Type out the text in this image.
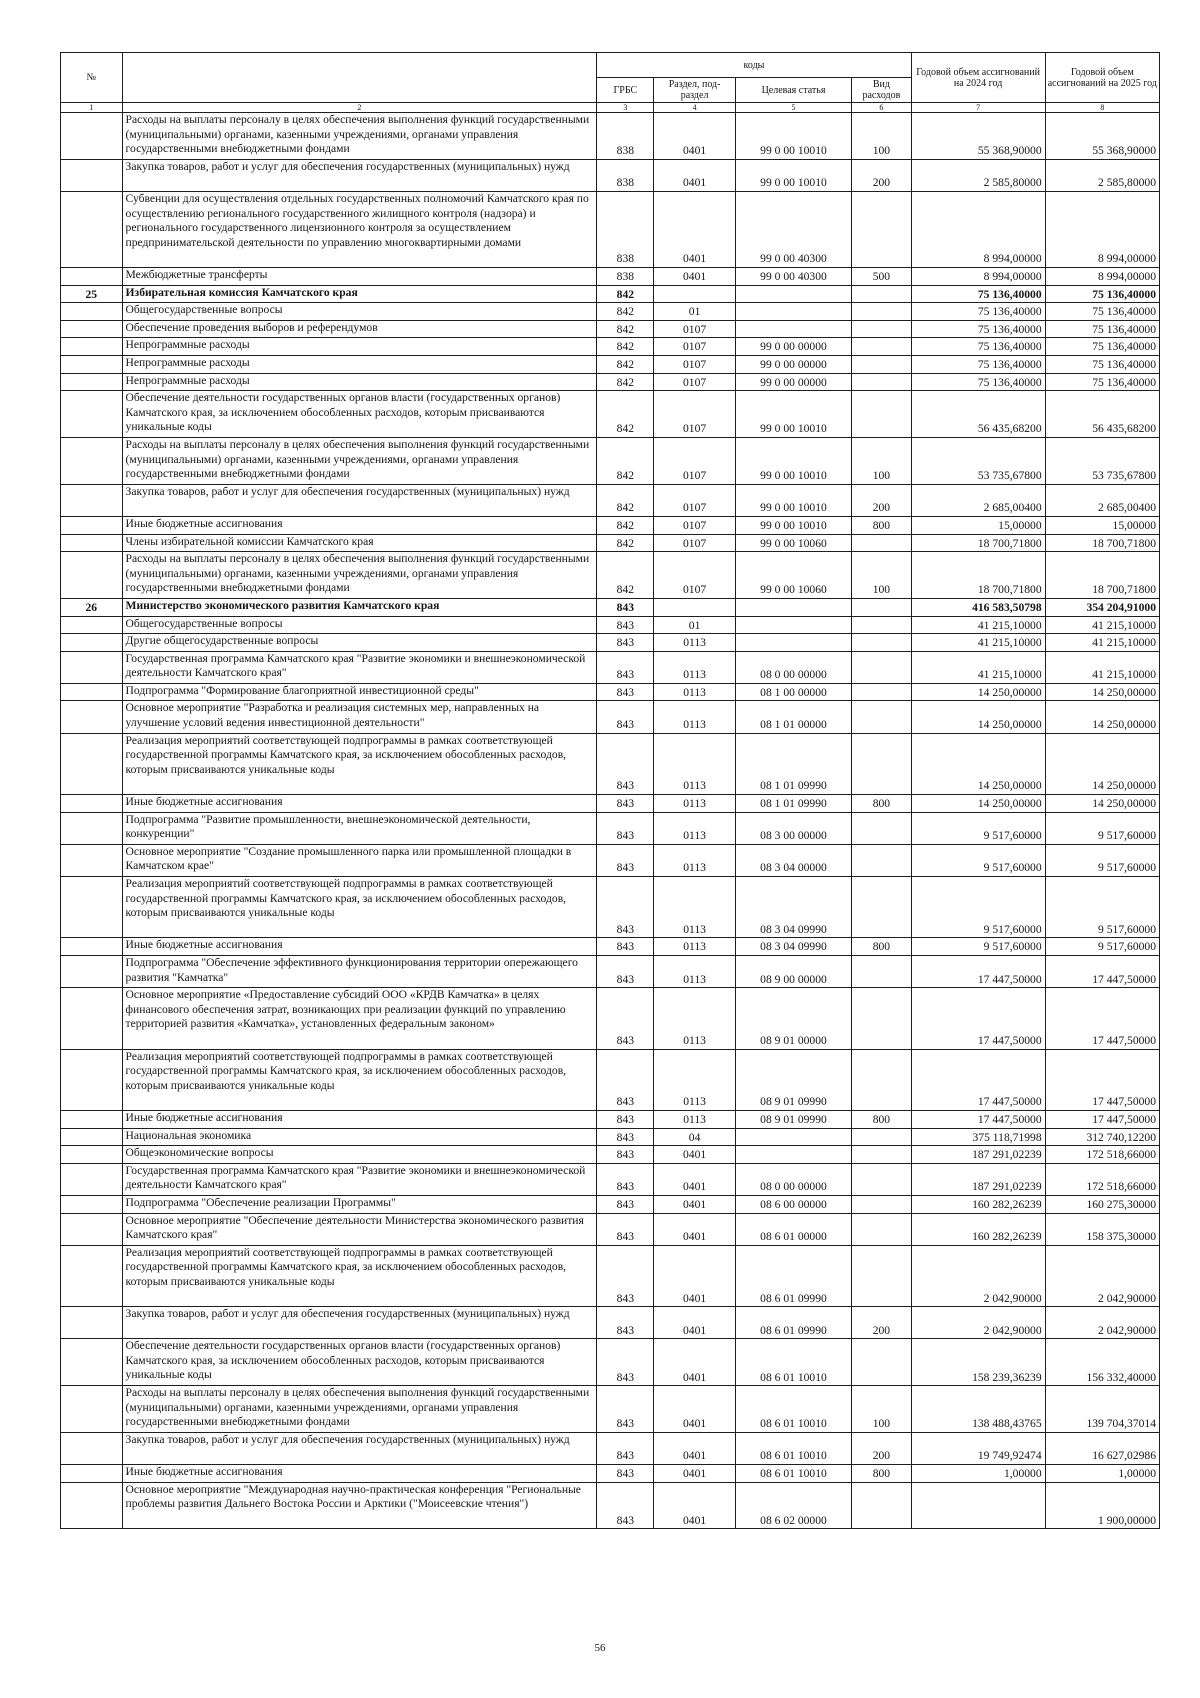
№		коды				Годовой объем ассигнований на 2024 год	Годовой объем ассигнований на 2025 год
		ГРБС	Раздел, под-раздел	Целевая статья	Вид расходов		
1	2	3	4	5	6	7	8
	Расходы на выплаты персоналу в целях обеспечения выполнения функций государственными (муниципальными) органами, казенными учреждениями, органами управления государственными внебюджетными фондами	838	0401	99 0 00 10010	100	55 368,90000	55 368,90000
	Закупка товаров, работ и услуг для обеспечения государственных (муниципальных) нужд	838	0401	99 0 00 10010	200	2 585,80000	2 585,80000
	Субвенции для осуществления отдельных государственных полномочий Камчатского края по осуществлению регионального государственного жилищного контроля (надзора) и регионального государственного лицензионного контроля за осуществлением предпринимательской деятельности по управлению многоквартирными домами	838	0401	99 0 00 40300		8 994,00000	8 994,00000
	Межбюджетные трансферты	838	0401	99 0 00 40300	500	8 994,00000	8 994,00000
25	Избирательная комиссия Камчатского края	842				75 136,40000	75 136,40000
	Общегосударственные вопросы	842	01			75 136,40000	75 136,40000
	Обеспечение проведения выборов и референдумов	842	0107			75 136,40000	75 136,40000
	Непрограммные расходы	842	0107	99 0 00 00000		75 136,40000	75 136,40000
	Непрограммные расходы	842	0107	99 0 00 00000		75 136,40000	75 136,40000
	Непрограммные расходы	842	0107	99 0 00 00000		75 136,40000	75 136,40000
	Обеспечение деятельности государственных органов власти (государственных органов) Камчатского края, за исключением обособленных расходов, которым присваиваются уникальные коды	842	0107	99 0 00 10010		56 435,68200	56 435,68200
	Расходы на выплаты персоналу в целях обеспечения выполнения функций государственными (муниципальными) органами, казенными учреждениями, органами управления государственными внебюджетными фондами	842	0107	99 0 00 10010	100	53 735,67800	53 735,67800
	Закупка товаров, работ и услуг для обеспечения государственных (муниципальных) нужд	842	0107	99 0 00 10010	200	2 685,00400	2 685,00400
	Иные бюджетные ассигнования	842	0107	99 0 00 10010	800	15,00000	15,00000
	Члены избирательной комиссии Камчатского края	842	0107	99 0 00 10060		18 700,71800	18 700,71800
	Расходы на выплаты персоналу в целях обеспечения выполнения функций государственными (муниципальными) органами, казенными учреждениями, органами управления государственными внебюджетными фондами	842	0107	99 0 00 10060	100	18 700,71800	18 700,71800
26	Министерство экономического развития Камчатского края	843				416 583,50798	354 204,91000
	Общегосударственные вопросы	843	01			41 215,10000	41 215,10000
	Другие общегосударственные вопросы	843	0113			41 215,10000	41 215,10000
	Государственная программа Камчатского края "Развитие экономики и внешнеэкономической деятельности Камчатского края"	843	0113	08 0 00 00000		41 215,10000	41 215,10000
	Подпрограмма "Формирование благоприятной инвестиционной среды"	843	0113	08 1 00 00000		14 250,00000	14 250,00000
	Основное мероприятие "Разработка и реализация системных мер, направленных на улучшение условий ведения инвестиционной деятельности"	843	0113	08 1 01 00000		14 250,00000	14 250,00000
	Реализация мероприятий соответствующей подпрограммы в рамках соответствующей государственной программы Камчатского края, за исключением обособленных расходов, которым присваиваются уникальные коды	843	0113	08 1 01 09990		14 250,00000	14 250,00000
	Иные бюджетные ассигнования	843	0113	08 1 01 09990	800	14 250,00000	14 250,00000
	Подпрограмма "Развитие промышленности, внешнеэкономической деятельности, конкуренции"	843	0113	08 3 00 00000		9 517,60000	9 517,60000
	Основное мероприятие "Создание промышленного парка или промышленной площадки в Камчатском крае"	843	0113	08 3 04 00000		9 517,60000	9 517,60000
	Реализация мероприятий соответствующей подпрограммы в рамках соответствующей государственной программы Камчатского края, за исключением обособленных расходов, которым присваиваются уникальные коды	843	0113	08 3 04 09990		9 517,60000	9 517,60000
	Иные бюджетные ассигнования	843	0113	08 3 04 09990	800	9 517,60000	9 517,60000
	Подпрограмма "Обеспечение эффективного функционирования территории опережающего развития "Камчатка"	843	0113	08 9 00 00000		17 447,50000	17 447,50000
	Основное мероприятие «Предоставление субсидий ООО «КРДВ Камчатка» в целях финансового обеспечения затрат, возникающих при реализации функций по управлению территорией развития «Камчатка», установленных федеральным законом»	843	0113	08 9 01 00000		17 447,50000	17 447,50000
	Реализация мероприятий соответствующей подпрограммы в рамках соответствующей государственной программы Камчатского края, за исключением обособленных расходов, которым присваиваются уникальные коды	843	0113	08 9 01 09990		17 447,50000	17 447,50000
	Иные бюджетные ассигнования	843	0113	08 9 01 09990	800	17 447,50000	17 447,50000
	Национальная экономика	843	04			375 118,71998	312 740,12200
	Общеэкономические вопросы	843	0401			187 291,02239	172 518,66000
	Государственная программа Камчатского края "Развитие экономики и внешнеэкономической деятельности Камчатского края"	843	0401	08 0 00 00000		187 291,02239	172 518,66000
	Подпрограмма "Обеспечение реализации Программы"	843	0401	08 6 00 00000		160 282,26239	160 275,30000
	Основное мероприятие "Обеспечение деятельности Министерства экономического развития Камчатского края"	843	0401	08 6 01 00000		160 282,26239	158 375,30000
	Реализация мероприятий соответствующей подпрограммы в рамках соответствующей государственной программы Камчатского края, за исключением обособленных расходов, которым присваиваются уникальные коды	843	0401	08 6 01 09990		2 042,90000	2 042,90000
	Закупка товаров, работ и услуг для обеспечения государственных (муниципальных) нужд	843	0401	08 6 01 09990	200	2 042,90000	2 042,90000
	Обеспечение деятельности государственных органов власти (государственных органов) Камчатского края, за исключением обособленных расходов, которым присваиваются уникальные коды	843	0401	08 6 01 10010		158 239,36239	156 332,40000
	Расходы на выплаты персоналу в целях обеспечения выполнения функций государственными (муниципальными) органами, казенными учреждениями, органами управления государственными внебюджетными фондами	843	0401	08 6 01 10010	100	138 488,43765	139 704,37014
	Закупка товаров, работ и услуг для обеспечения государственных (муниципальных) нужд	843	0401	08 6 01 10010	200	19 749,92474	16 627,02986
	Иные бюджетные ассигнования	843	0401	08 6 01 10010	800	1,00000	1,00000
	Основное мероприятие "Международная научно-практическая конференция "Региональные проблемы развития Дальнего Востока России и Арктики ("Моисеевские чтения")	843	0401	08 6 02 00000			1 900,00000
56
